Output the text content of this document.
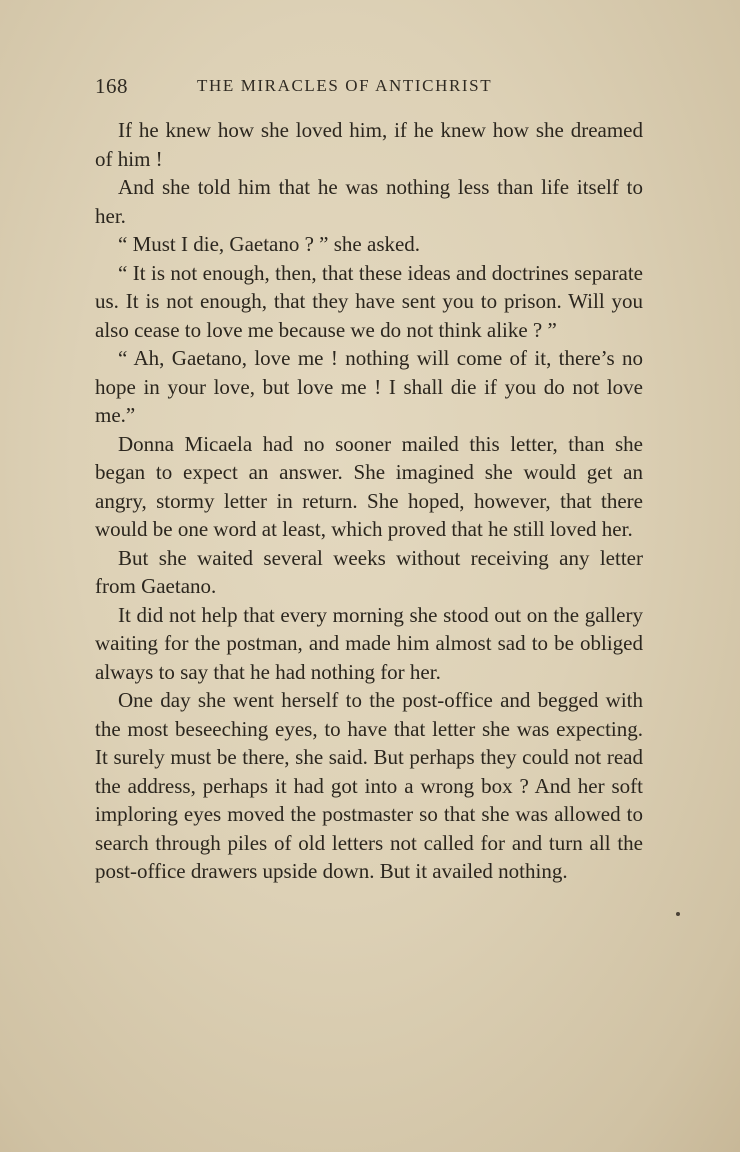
168	THE MIRACLES OF ANTICHRIST

If he knew how she loved him, if he knew how she dreamed of him !

And she told him that he was nothing less than life itself to her.

“ Must I die, Gaetano ? ” she asked.

“ It is not enough, then, that these ideas and doctrines separate us. It is not enough, that they have sent you to prison. Will you also cease to love me because we do not think alike ? ”

“ Ah, Gaetano, love me ! nothing will come of it, there’s no hope in your love, but love me ! I shall die if you do not love me.”

Donna Micaela had no sooner mailed this letter, than she began to expect an answer. She imagined she would get an angry, stormy letter in return. She hoped, however, that there would be one word at least, which proved that he still loved her.

But she waited several weeks without receiving any letter from Gaetano.

It did not help that every morning she stood out on the gallery waiting for the postman, and made him almost sad to be obliged always to say that he had nothing for her.

One day she went herself to the post-office and begged with the most beseeching eyes, to have that letter she was expecting. It surely must be there, she said. But perhaps they could not read the address, perhaps it had got into a wrong box ? And her soft imploring eyes moved the postmaster so that she was allowed to search through piles of old letters not called for and turn all the post-office drawers upside down. But it availed nothing.
